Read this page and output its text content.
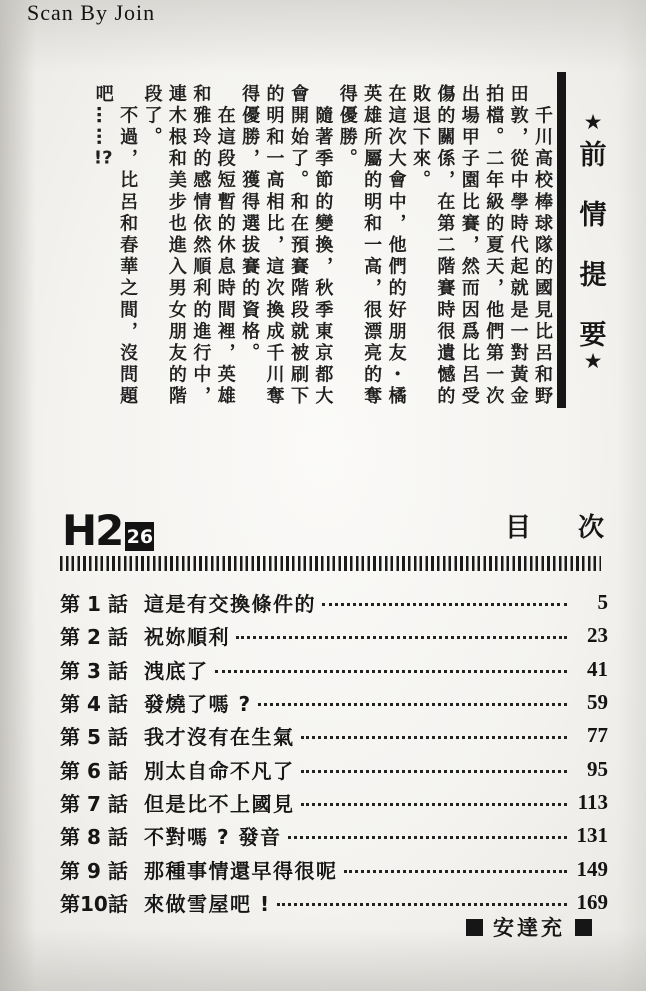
Scan By Join
★
前
情
提
要
★

　千川高校棒球隊的國見比呂和野田敦，從中學時代起就是一對黃金拍檔。二年級的夏天，他們第一次出場甲子園比賽，然而因爲比呂受傷的關係，在第二階賽時很遺憾的敗退下來。

在這次大會中，他們的好朋友・橘英雄所屬的明和一高，很漂亮的奪得優勝。

　隨著季節的變換，秋季東京都大會開始了。和在預賽階段就被刷下的明和一高相比，這次換成千川奪得優勝，獲得選拔賽的資格。

　在這段短暫的休息時間裡，英雄和雅玲的感情依然順利的進行中，連木根和美步也進入男女朋友的階段了。

　不過，比呂和春華之間，沒問題吧……!?

H2 26	目 次
第 1 話 這是有交換條件的	5
第 2 話 祝妳順利	23
第 3 話 洩底了	41
第 4 話 發燒了嗎 ?	59
第 5 話 我才沒有在生氣	77
第 6 話 別太自命不凡了	95
第 7 話 但是比不上國見	113
第 8 話 不對嗎 ? 發音	131
第 9 話 那種事情還早得很呢	149
第10話 來做雪屋吧 !	169
安達充
